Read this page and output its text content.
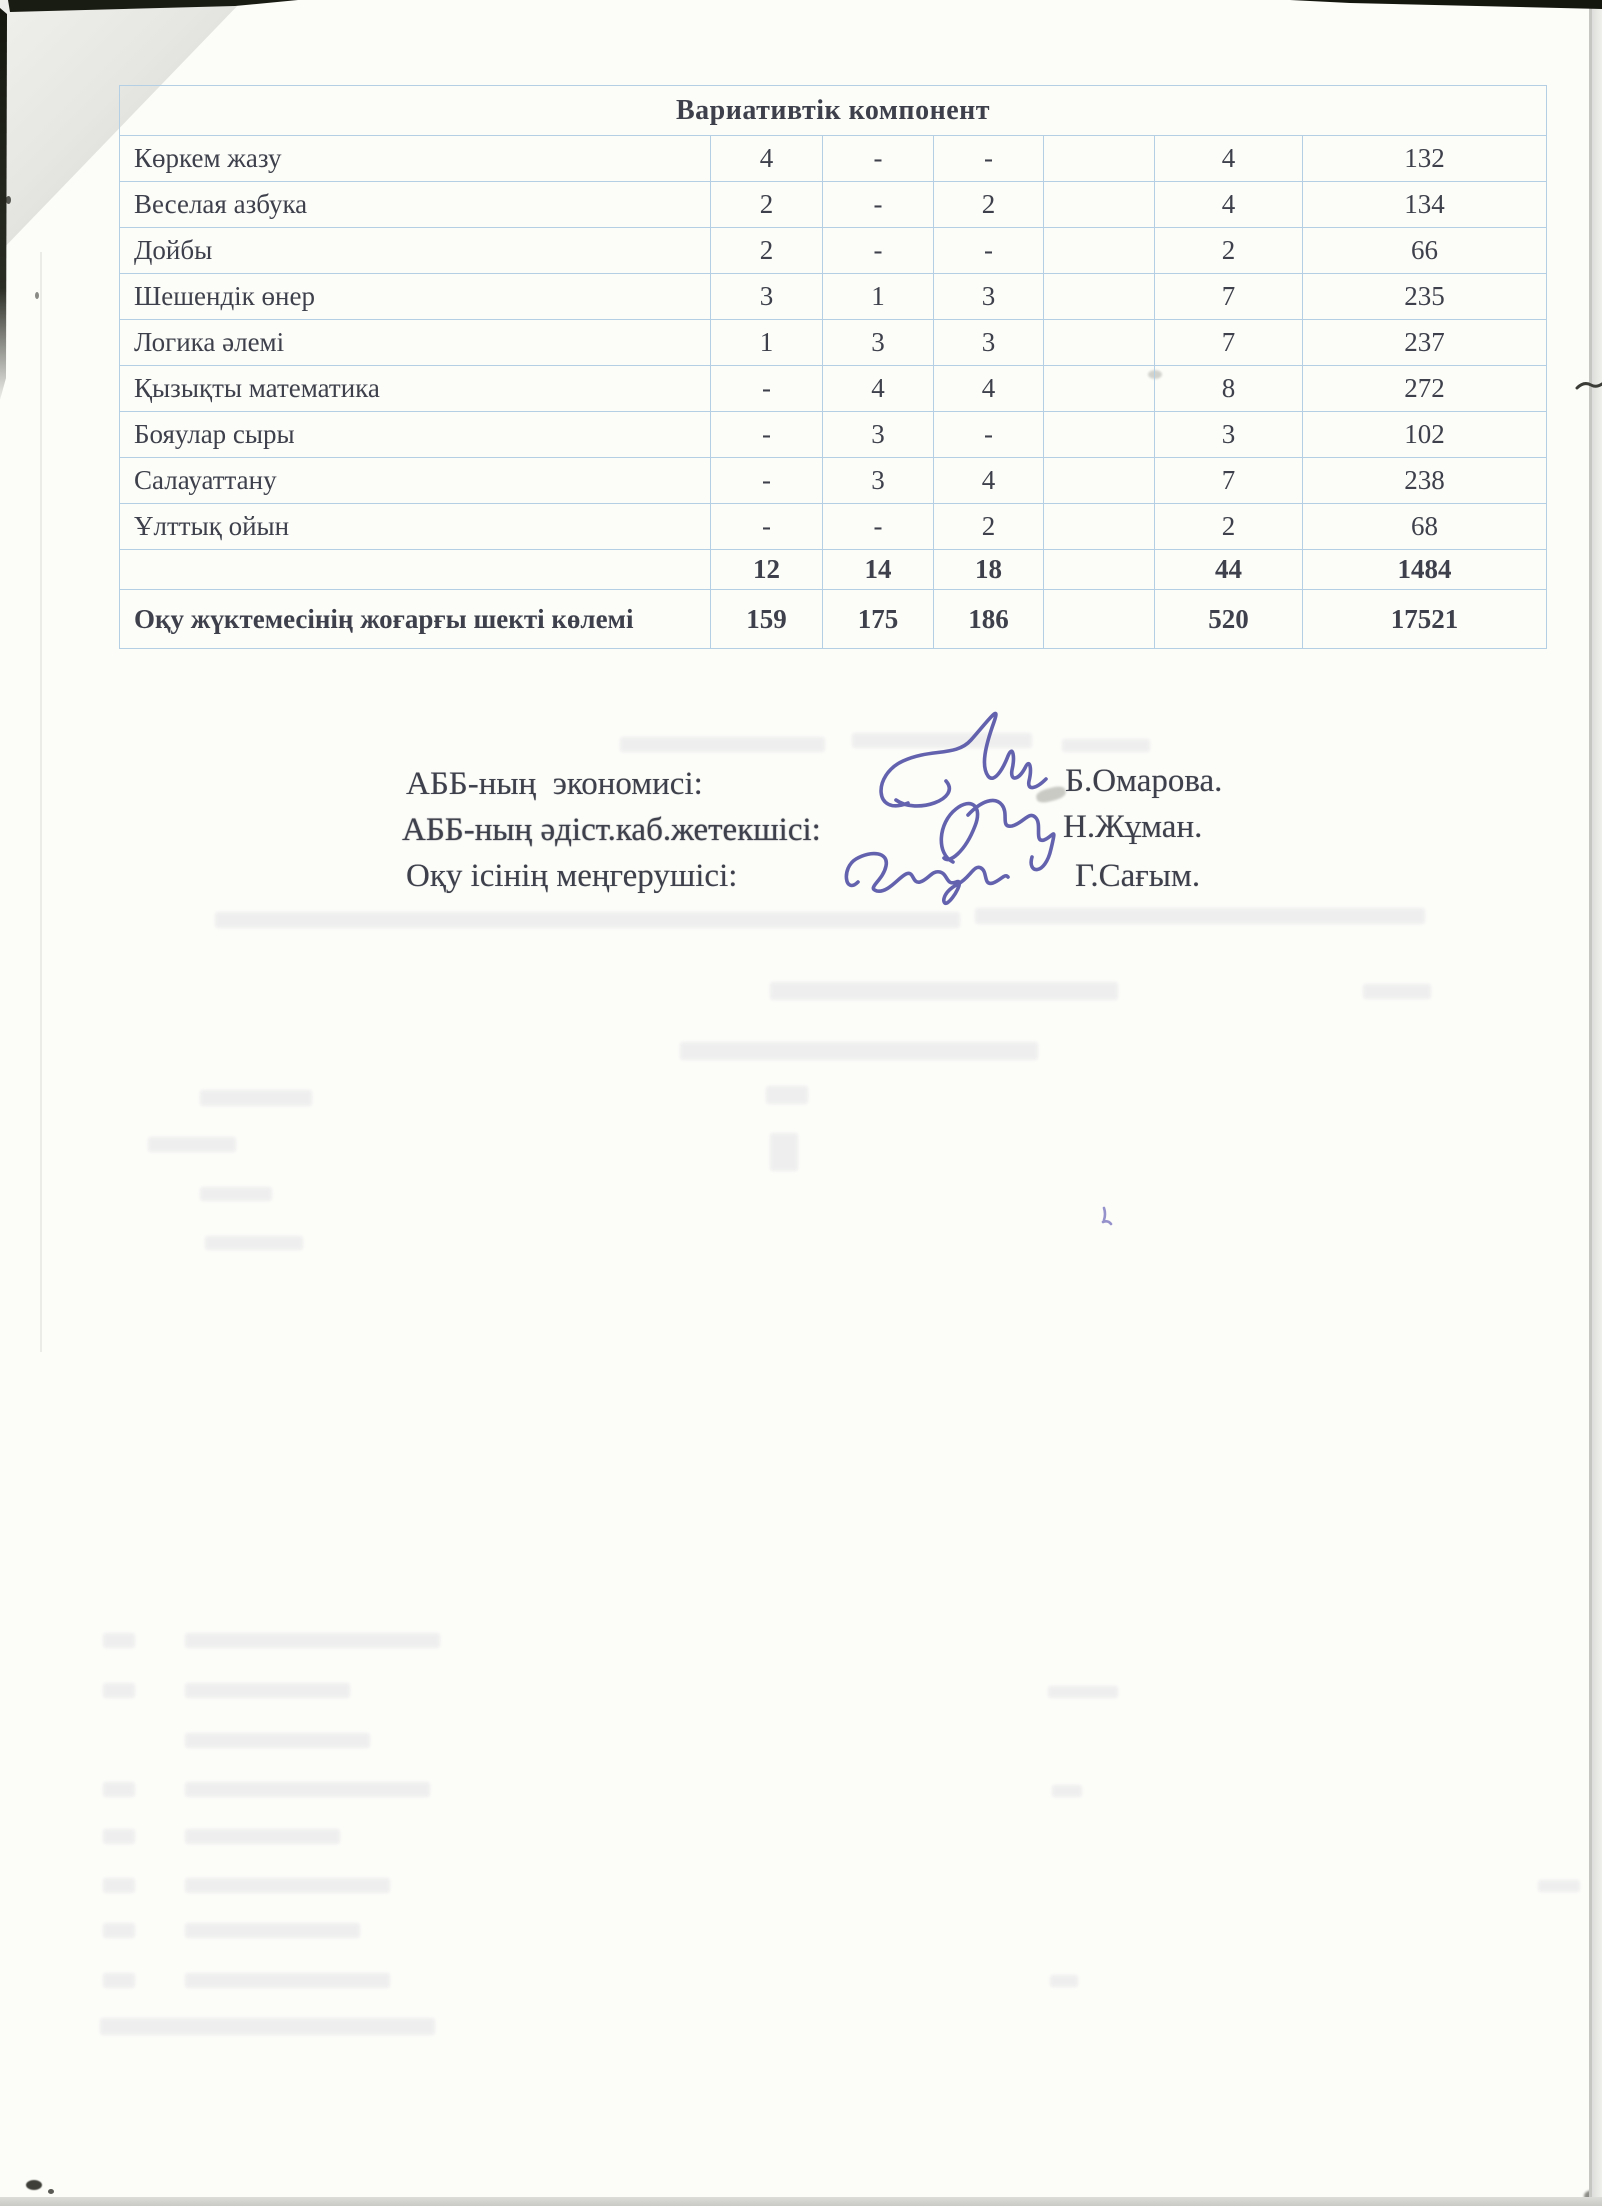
Вариативтік компонент						
Көркем жазу	4	-	-		4	132
Веселая азбука	2	-	2		4	134
Дойбы	2	-	-		2	66
Шешендік өнер	3	1	3		7	235
Логика әлемі	1	3	3		7	237
Қызықты математика	-	4	4		8	272
Бояулар сыры	-	3	-		3	102
Салауаттану	-	3	4		7	238
Ұлттық ойын	-	-	2		2	68
	12	14	18		44	1484
Оқу жүктемесінің жоғарғы шекті көлемі	159	175	186		520	17521
АББ-ның  экономисі:	Б.Омарова.
АББ-ның әдіст.каб.жетекшісі:	Н.Жұман.
Оқу ісінің меңгерушісі:	Г.Сағым.
